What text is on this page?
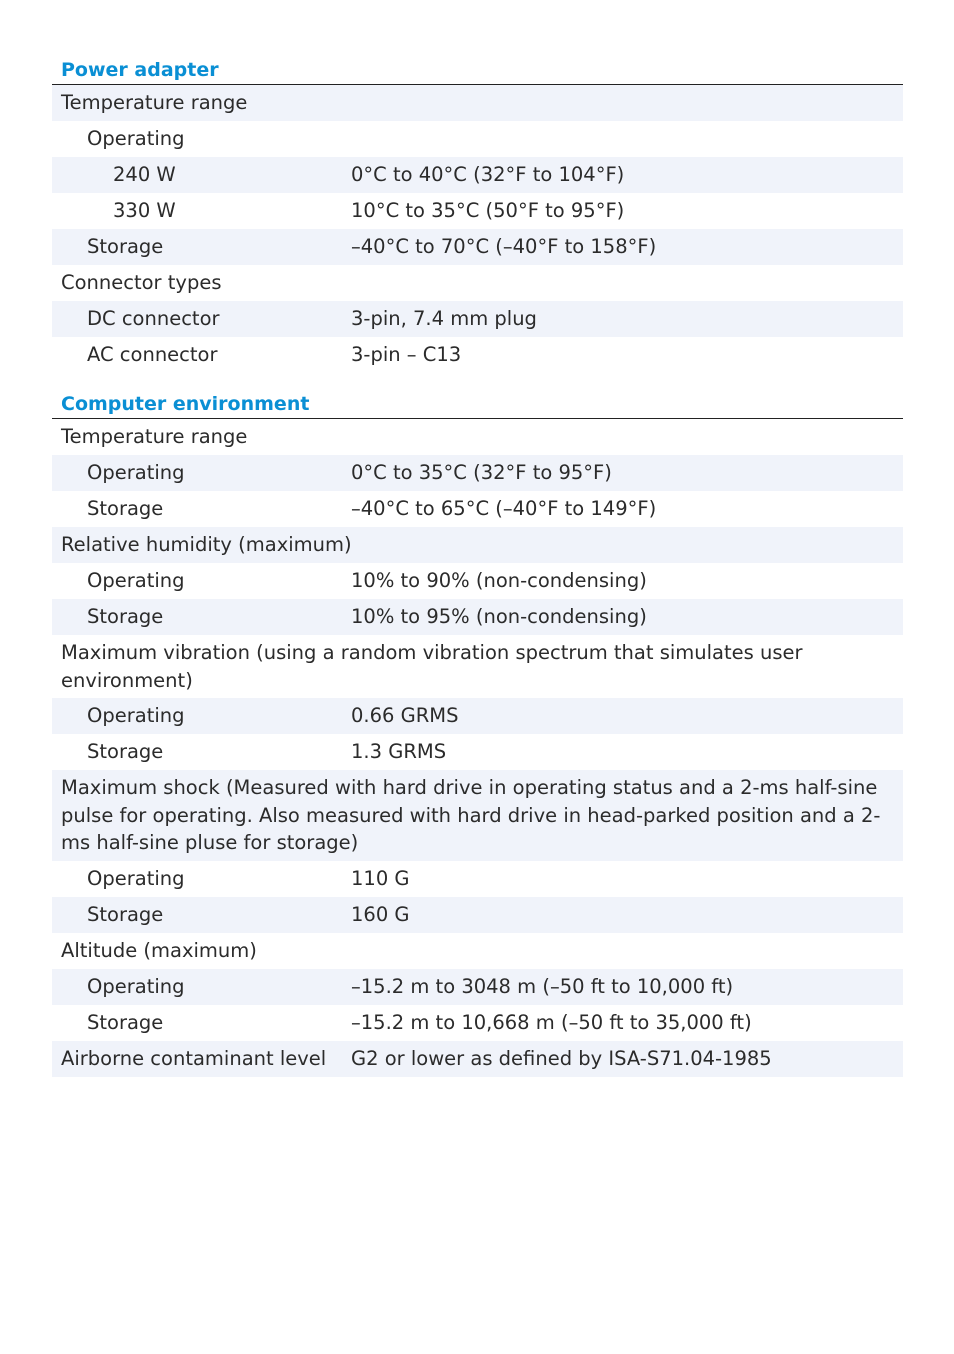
Power adapter
Temperature range
Operating
240 W	0°C to 40°C (32°F to 104°F)
330 W	10°C to 35°C (50°F to 95°F)
Storage	–40°C to 70°C (–40°F to 158°F)
Connector types
DC connector	3-pin, 7.4 mm plug
AC connector	3-pin – C13
Computer environment
Temperature range
Operating	0°C to 35°C (32°F to 95°F)
Storage	–40°C to 65°C (–40°F to 149°F)
Relative humidity (maximum)
Operating	10% to 90% (non-condensing)
Storage	10% to 95% (non-condensing)
Maximum vibration (using a random vibration spectrum that simulates user environment)
Operating	0.66 GRMS
Storage	1.3 GRMS
Maximum shock (Measured with hard drive in operating status and a 2-ms half-sine pulse for operating. Also measured with hard drive in head-parked position and a 2-ms half-sine pluse for storage)
Operating	110 G
Storage	160 G
Altitude (maximum)
Operating	–15.2 m to 3048 m (–50 ft to 10,000 ft)
Storage	–15.2 m to 10,668 m (–50 ft to 35,000 ft)
Airborne contaminant level	G2 or lower as defined by ISA-S71.04-1985
